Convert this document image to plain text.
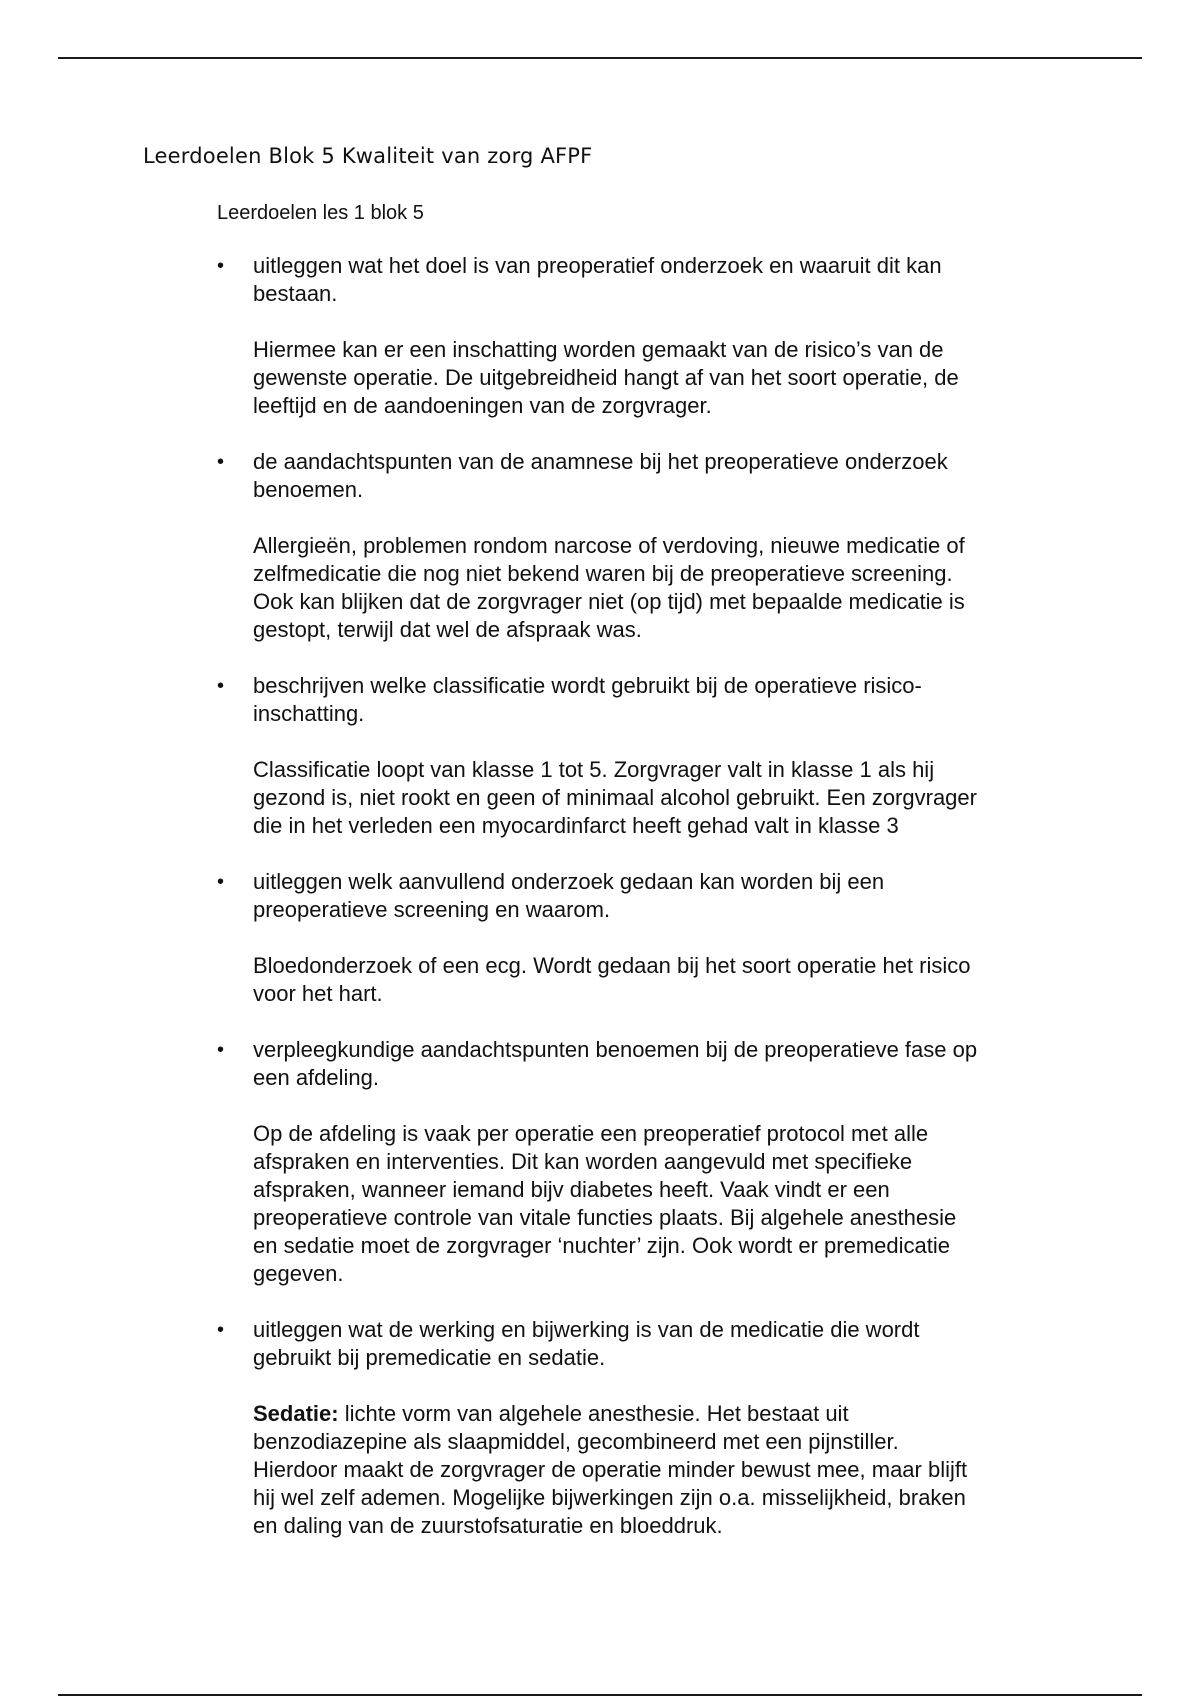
Leerdoelen Blok 5 Kwaliteit van zorg AFPF
Leerdoelen les 1 blok 5
•	uitleggen wat het doel is van preoperatief onderzoek en waaruit dit kan
bestaan.
Hiermee kan er een inschatting worden gemaakt van de risico’s van de
gewenste operatie. De uitgebreidheid hangt af van het soort operatie, de
leeftijd en de aandoeningen van de zorgvrager.
•	de aandachtspunten van de anamnese bij het preoperatieve onderzoek
benoemen.
Allergieën, problemen rondom narcose of verdoving, nieuwe medicatie of
zelfmedicatie die nog niet bekend waren bij de preoperatieve screening.
Ook kan blijken dat de zorgvrager niet (op tijd) met bepaalde medicatie is
gestopt, terwijl dat wel de afspraak was.
•	beschrijven welke classificatie wordt gebruikt bij de operatieve risico-
inschatting.
Classificatie loopt van klasse 1 tot 5. Zorgvrager valt in klasse 1 als hij
gezond is, niet rookt en geen of minimaal alcohol gebruikt. Een zorgvrager
die in het verleden een myocardinfarct heeft gehad valt in klasse 3
•	uitleggen welk aanvullend onderzoek gedaan kan worden bij een
preoperatieve screening en waarom.
Bloedonderzoek of een ecg. Wordt gedaan bij het soort operatie het risico
voor het hart.
•	verpleegkundige aandachtspunten benoemen bij de preoperatieve fase op
een afdeling.
Op de afdeling is vaak per operatie een preoperatief protocol met alle
afspraken en interventies. Dit kan worden aangevuld met specifieke
afspraken, wanneer iemand bijv diabetes heeft. Vaak vindt er een
preoperatieve controle van vitale functies plaats. Bij algehele anesthesie
en sedatie moet de zorgvrager ‘nuchter’ zijn. Ook wordt er premedicatie
gegeven.
•	uitleggen wat de werking en bijwerking is van de medicatie die wordt
gebruikt bij premedicatie en sedatie.
Sedatie: lichte vorm van algehele anesthesie. Het bestaat uit
benzodiazepine als slaapmiddel, gecombineerd met een pijnstiller.
Hierdoor maakt de zorgvrager de operatie minder bewust mee, maar blijft
hij wel zelf ademen. Mogelijke bijwerkingen zijn o.a. misselijkheid, braken
en daling van de zuurstofsaturatie en bloeddruk.
